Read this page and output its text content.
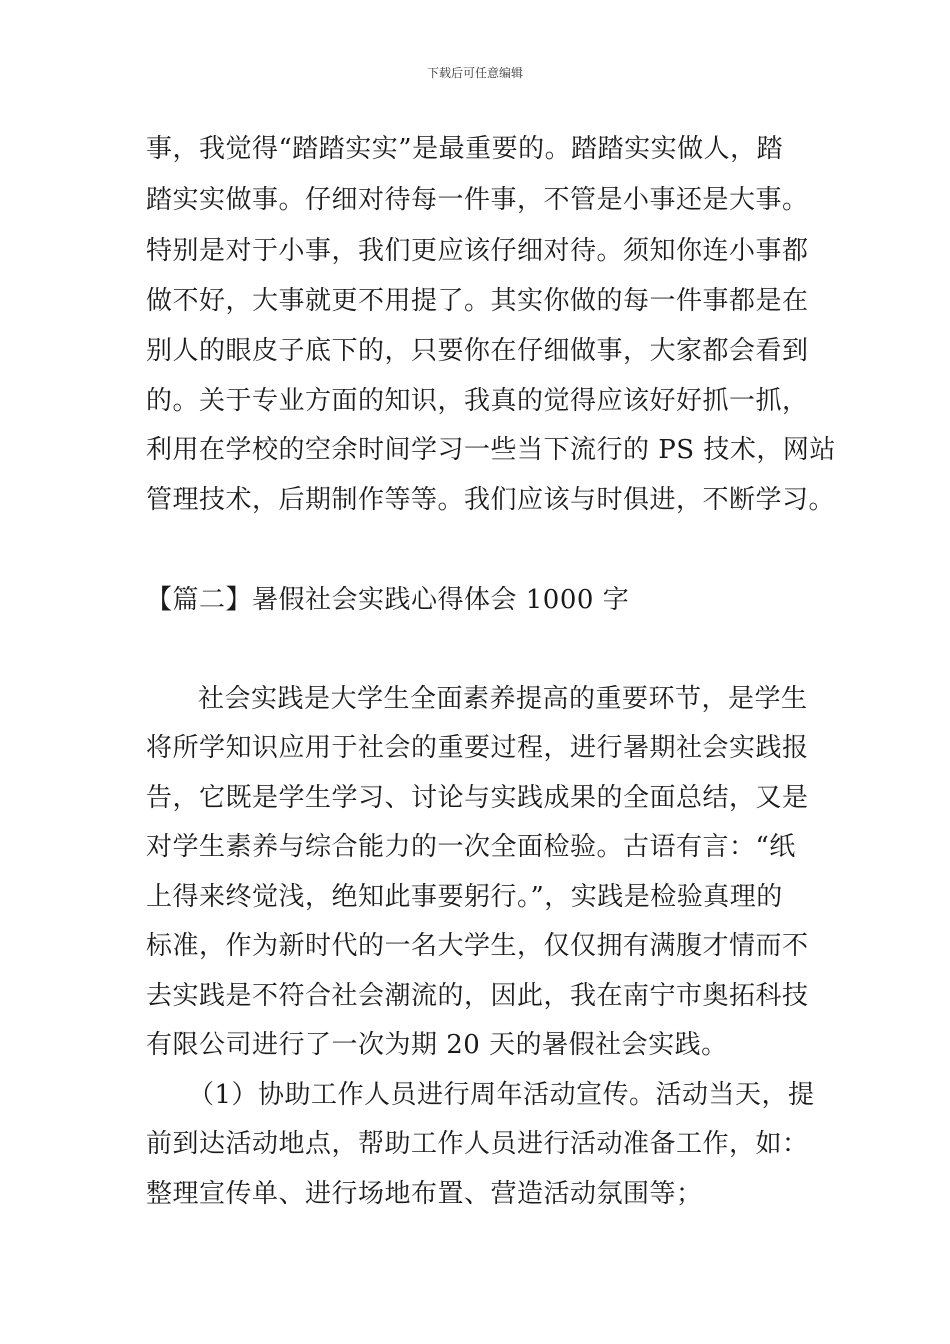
下载后可任意编辑
事，我觉得“踏踏实实”是最重要的。踏踏实实做人，踏
踏实实做事。仔细对待每一件事，不管是小事还是大事。
特别是对于小事，我们更应该仔细对待。须知你连小事都
做不好，大事就更不用提了。其实你做的每一件事都是在
别人的眼皮子底下的，只要你在仔细做事，大家都会看到
的。关于专业方面的知识，我真的觉得应该好好抓一抓，
利用在学校的空余时间学习一些当下流行的 PS 技术，网站
管理技术，后期制作等等。我们应该与时俱进，不断学习。
【篇二】暑假社会实践心得体会 1000 字
社会实践是大学生全面素养提高的重要环节，是学生
将所学知识应用于社会的重要过程，进行暑期社会实践报
告，它既是学生学习、讨论与实践成果的全面总结，又是
对学生素养与综合能力的一次全面检验。古语有言：“纸
上得来终觉浅，绝知此事要躬行。”，实践是检验真理的
标准，作为新时代的一名大学生，仅仅拥有满腹才情而不
去实践是不符合社会潮流的，因此，我在南宁市奥拓科技
有限公司进行了一次为期 20 天的暑假社会实践。
（1）协助工作人员进行周年活动宣传。活动当天，提
前到达活动地点，帮助工作人员进行活动准备工作，如：
整理宣传单、进行场地布置、营造活动氛围等；
